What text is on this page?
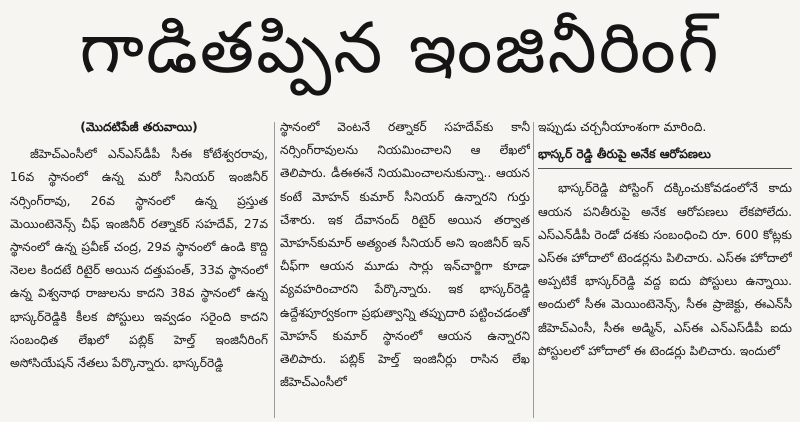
గాడితప్పిన ఇంజినీరింగ్

(మొదటిపేజీ తరువాయి)

జీహెచ్‌ఎంసీలో ఎన్‌ఎస్‌డీపీ సీఈ కోటేశ్వరరావు, 16వ స్థానంలో ఉన్న మరో సీనియర్ ఇంజినీర్ నర్సింగ్‌రావు, 26వ స్థానంలో ఉన్న ప్రస్తుత మెయింటెనెన్స్ చీఫ్ ఇంజినీర్ రత్నాకర్ సహదేవ్, 27వ స్థానంలో ఉన్న ప్రవీణ్ చంద్ర, 29వ స్థానంలో ఉండి కొద్ది నెలల కిందటే రిటైర్ అయిన దత్తుపంత్, 33వ స్థానంలో ఉన్న విశ్వనాథ రాజులను కాదని 38వ స్థానంలో ఉన్న భాస్కర్‌రెడ్డికి కీలక పోస్టులు ఇవ్వడం సరైంది కాదని సంబంధిత లేఖలో పబ్లిక్ హెల్త్ ఇంజినీరింగ్ అసోసియేషన్ నేతలు పేర్కొన్నారు. భాస్కర్‌రెడ్డి

స్థానంలో వెంటనే రత్నాకర్ సహదేవ్‌కు కానీ నర్సింగ్‌రావులను నియమించాలని ఆ లేఖలో తెలిపారు. డీఈఈనే నియమించాలనుకున్నా.. ఆయన కంటే మోహన్ కుమార్ సీనియర్ ఉన్నారని గుర్తు చేశారు. ఇక దేవానంద్ రిటైర్ అయిన తర్వాత మోహన్‌కుమార్ అత్యంత సీనియర్ అని ఇంజినీర్ ఇన్ చీఫ్‌గా ఆయన మూడు సార్లు ఇన్‌చార్జిగా కూడా వ్యవహరించారని పేర్కొన్నారు. ఇక భాస్కర్‌రెడ్డి ఉద్దేశపూర్వకంగా ప్రభుత్వాన్ని తప్పుదారి పట్టించడంతో మోహన్ కుమార్ స్థానంలో ఆయన ఉన్నారని తెలిపారు. పబ్లిక్ హెల్త్ ఇంజినీర్లు రాసిన లేఖ జీహెచ్‌ఎంసీలో

ఇప్పుడు చర్చనీయాంశంగా మారింది.

భాస్కర్ రెడ్డి తీరుపై అనేక ఆరోపణలు

భాస్కర్‌రెడ్డి పోస్టింగ్ దక్కించుకోవడంలోనే కాదు ఆయన పనితీరుపై అనేక ఆరోపణలు లేకపోలేదు. ఎస్‌ఎన్‌డీపీ రెండో దశకు సంబంధించి రూ. 600 కోట్లకు ఎస్ఈ హోదాలో టెండర్లను పిలిచారు. ఎస్ఈ హోదాలో అప్పటికే భాస్కర్‌రెడ్డి వద్ద ఐదు పోస్టులు ఉన్నాయి. అందులో సీఈ మెయింటెనెన్స్, సీఈ ప్రాజెక్టు, ఈఎన్‌సీ జీహెచ్‌ఎంసీ, సీఈ అడ్మిన్, ఎస్ఈ ఎన్‌ఎస్‌డీపీ ఐదు పోస్టులలో హోదాలో ఈ టెండర్లు పిలిచారు. ఇందులో
